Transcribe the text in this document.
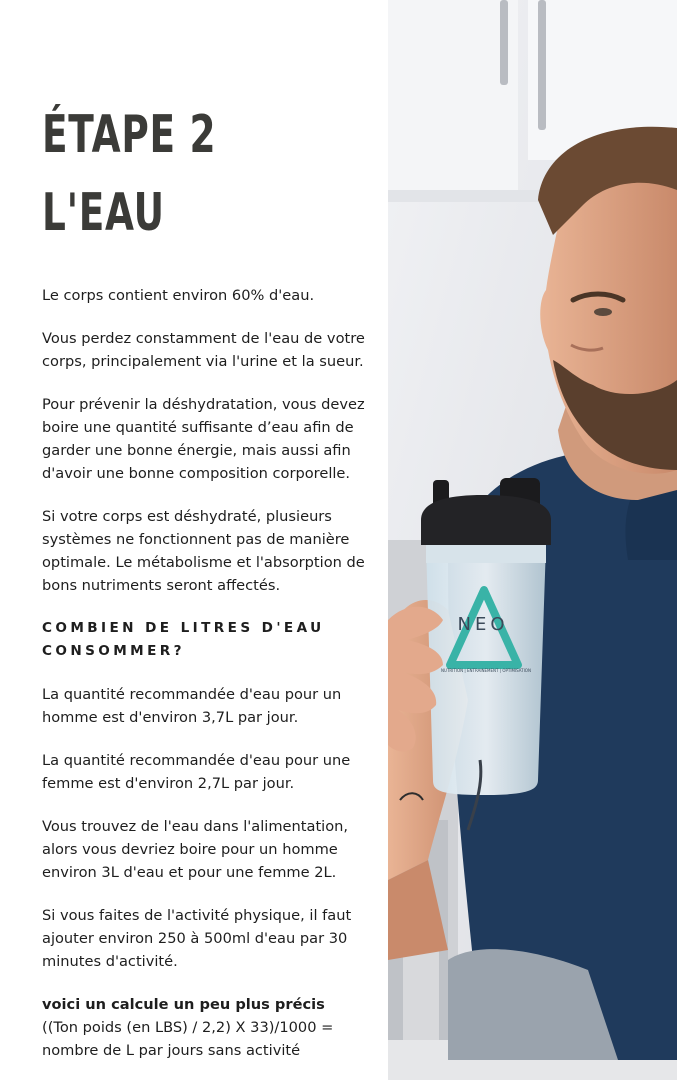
ÉTAPE 2
L'EAU

Le corps contient environ 60% d'eau.

Vous perdez constamment de l'eau de votre corps, principalement via l'urine et la sueur.

Pour prévenir la déshydratation, vous devez boire une quantité suffisante d’eau afin de garder une bonne énergie, mais aussi afin d'avoir une bonne composition corporelle.

Si votre corps est déshydraté, plusieurs systèmes ne fonctionnent pas de manière optimale. Le métabolisme et l'absorption de bons nutriments seront affectés.

COMBIEN DE LITRES D'EAU CONSOMMER?

La quantité recommandée d'eau pour un homme est d'environ 3,7L par jour.

La quantité recommandée d'eau pour une femme est d'environ 2,7L par jour.

Vous trouvez de l'eau dans l'alimentation, alors vous devriez boire pour un homme environ 3L d'eau et pour une femme 2L.

Si vous faites de l'activité physique, il faut ajouter environ 250 à 500ml d'eau par 30 minutes d'activité.

voici un calcule un peu plus précis
((Ton poids (en LBS) / 2,2) X 33)/1000 = nombre de L par jours sans activité
NEO
NUTRITION | ENTRAINEMENT | OPTIMISATION
